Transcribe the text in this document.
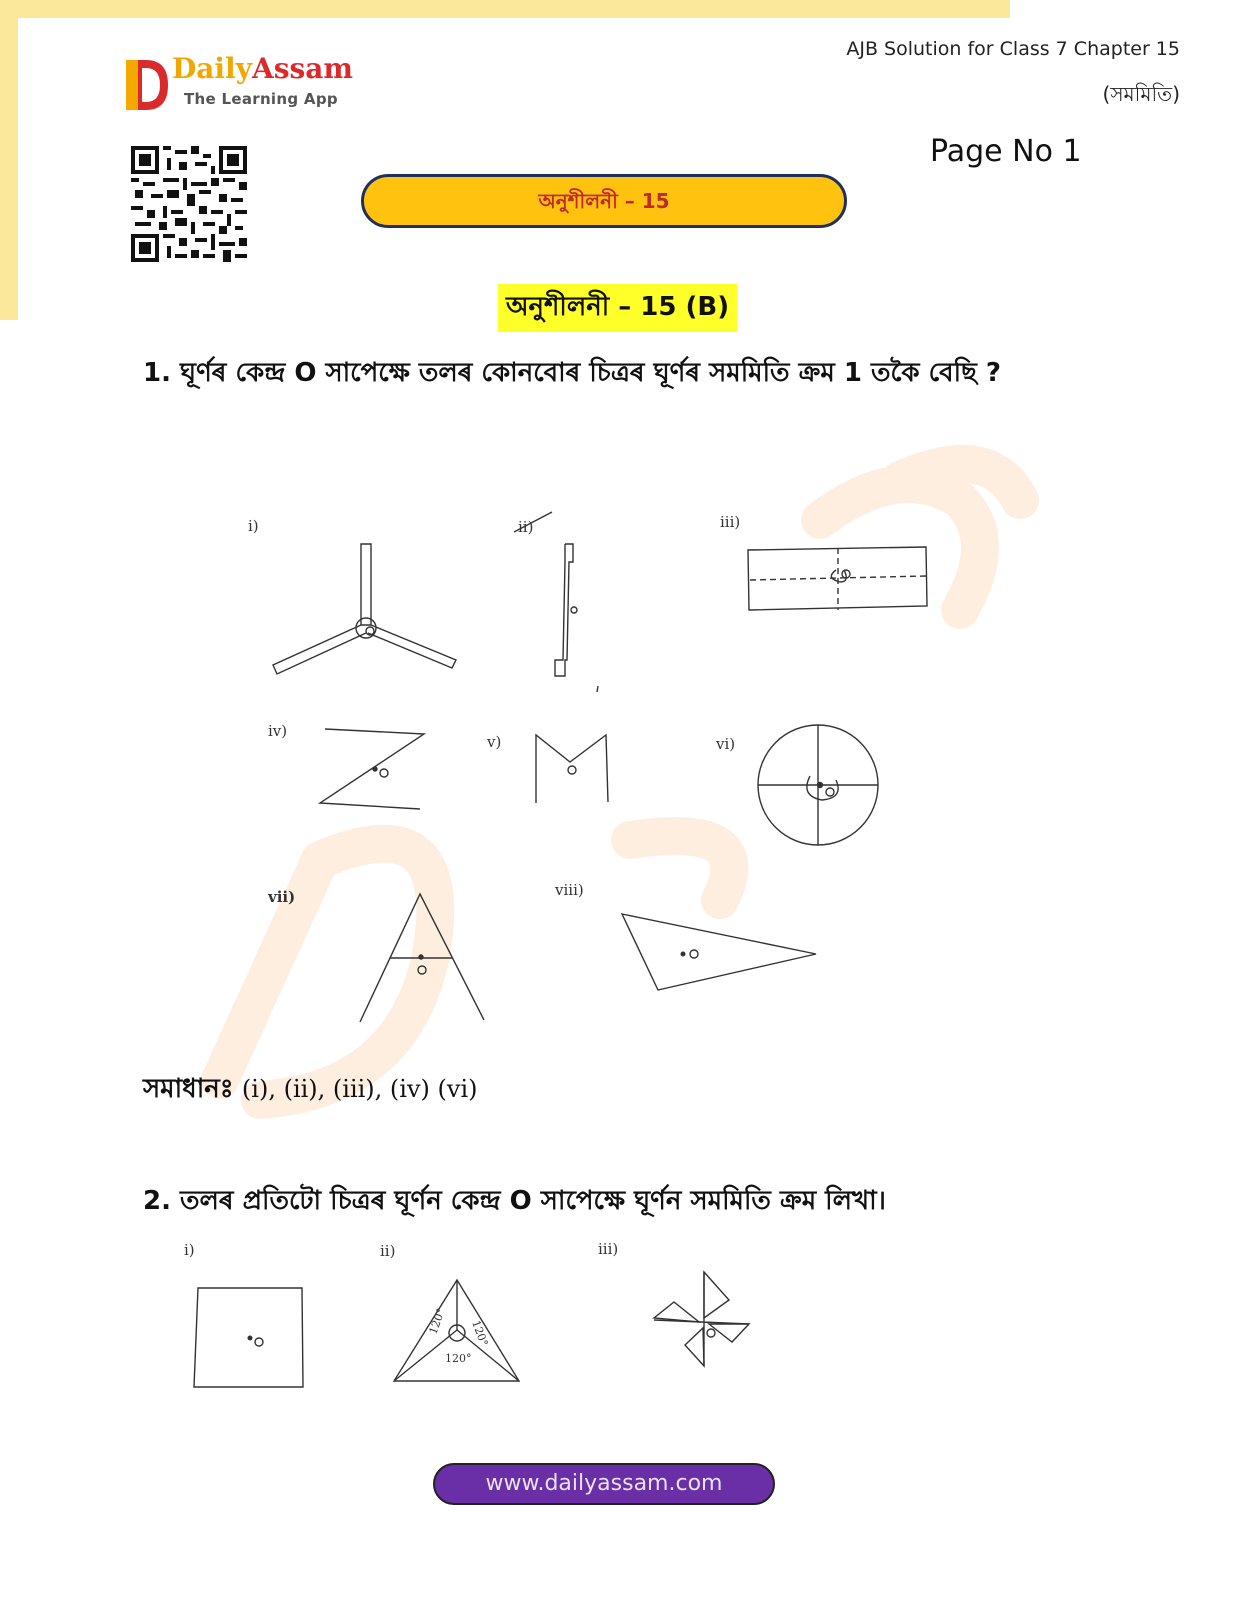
DailyAssam
The Learning App
AJB Solution for Class 7 Chapter 15
(সমমিতি)
Page No 1
অনুশীলনী – 15
অনুশীলনী – 15 (B)
1. ঘূৰ্ণৰ কেন্দ্ৰ O সাপেক্ষে তলৰ কোনবোৰ চিত্ৰৰ ঘূৰ্ণৰ সমমিতি ক্ৰম 1 তকৈ বেছি ?
i)	ii)	iii)
iv)
v)	vi)
vii)	viii)
সমাধানঃ (i), (ii), (iii), (iv) (vi)
2. তলৰ প্ৰতিটো চিত্ৰৰ ঘূৰ্ণন কেন্দ্ৰ O সাপেক্ষে ঘূৰ্ণন সমমিতি ক্ৰম লিখা।
i)	ii)	iii)
120° 120°
120°
www.dailyassam.com
